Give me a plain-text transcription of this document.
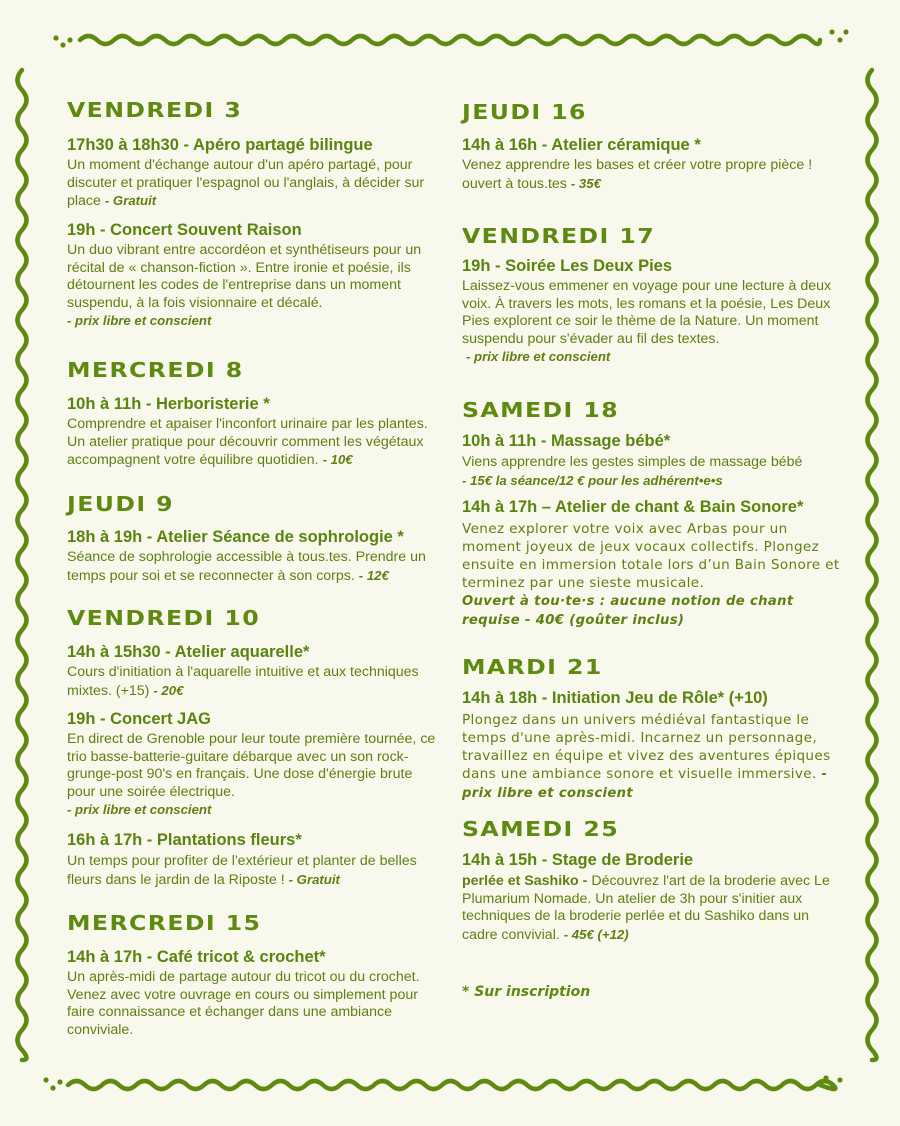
VENDREDI 3
17h30 à 18h30 - Apéro partagé bilingue
Un moment d'échange autour d'un apéro partagé, pour discuter et pratiquer l'espagnol ou l'anglais, à décider sur place - Gratuit
19h - Concert Souvent Raison
Un duo vibrant entre accordéon et synthétiseurs pour un récital de « chanson-fiction ». Entre ironie et poésie, ils détournent les codes de l'entreprise dans un moment suspendu, à la fois visionnaire et décalé.
- prix libre et conscient
MERCREDI 8
10h à 11h - Herboristerie *
Comprendre et apaiser l'inconfort urinaire par les plantes. Un atelier pratique pour découvrir comment les végétaux accompagnent votre équilibre quotidien. - 10€
JEUDI 9
18h à 19h - Atelier Séance de sophrologie *
Séance de sophrologie accessible à tous.tes. Prendre un temps pour soi et se reconnecter à son corps. - 12€
VENDREDI 10
14h à 15h30 - Atelier aquarelle*
Cours d'initiation à l'aquarelle intuitive et aux techniques mixtes. (+15) - 20€
19h - Concert JAG
En direct de Grenoble pour leur toute première tournée, ce trio basse-batterie-guitare débarque avec un son rock-grunge-post 90's en français. Une dose d'énergie brute pour une soirée électrique.
- prix libre et conscient
16h à 17h - Plantations fleurs*
Un temps pour profiter de l'extérieur et planter de belles fleurs dans le jardin de la Riposte ! - Gratuit
MERCREDI 15
14h à 17h - Café tricot & crochet*
Un après-midi de partage autour du tricot ou du crochet. Venez avec votre ouvrage en cours ou simplement pour faire connaissance et échanger dans une ambiance conviviale.
JEUDI 16
14h à 16h - Atelier céramique *
Venez apprendre les bases et créer votre propre pièce ! ouvert à tous.tes - 35€
VENDREDI 17
19h - Soirée Les Deux Pies
Laissez-vous emmener en voyage pour une lecture à deux voix. À travers les mots, les romans et la poésie, Les Deux Pies explorent ce soir le thème de la Nature. Un moment suspendu pour s'évader au fil des textes.
- prix libre et conscient
SAMEDI 18
10h à 11h - Massage bébé*
Viens apprendre les gestes simples de massage bébé
- 15€ la séance/12 € pour les adhérent•e•s
14h à 17h – Atelier de chant & Bain Sonore*
Venez explorer votre voix avec Arbas pour un moment joyeux de jeux vocaux collectifs. Plongez ensuite en immersion totale lors d’un Bain Sonore et terminez par une sieste musicale.
Ouvert à tou·te·s : aucune notion de chant requise - 40€ (goûter inclus)
MARDI 21
14h à 18h - Initiation Jeu de Rôle* (+10)
Plongez dans un univers médiéval fantastique le temps d'une après-midi. Incarnez un personnage, travaillez en équipe et vivez des aventures épiques dans une ambiance sonore et visuelle immersive. - prix libre et conscient
SAMEDI 25
14h à 15h - Stage de Broderie
perlée et Sashiko - Découvrez l'art de la broderie avec Le Plumarium Nomade. Un atelier de 3h pour s'initier aux techniques de la broderie perlée et du Sashiko dans un cadre convivial. - 45€ (+12)
* Sur inscription
